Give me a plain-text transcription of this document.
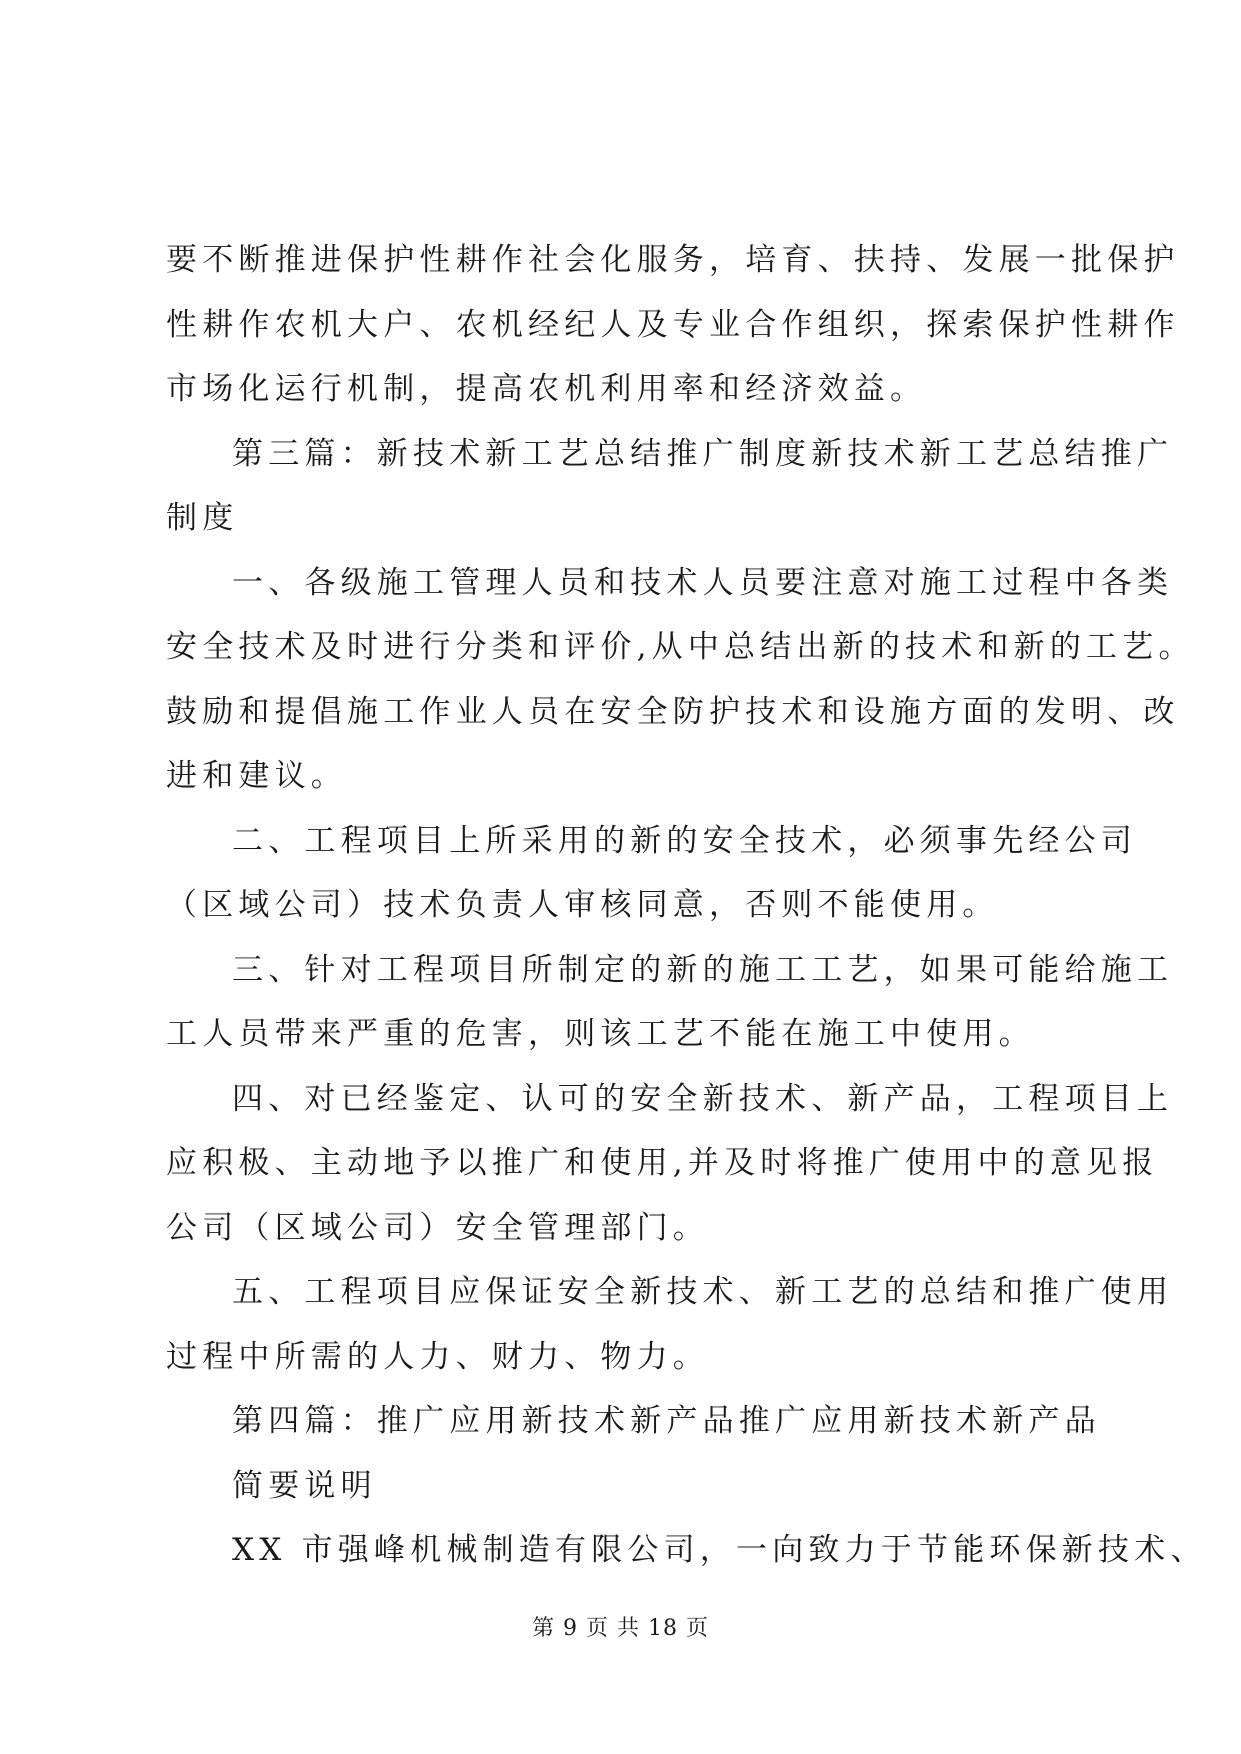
要不断推进保护性耕作社会化服务，培育、扶持、发展一批保护
性耕作农机大户、农机经纪人及专业合作组织，探索保护性耕作
市场化运行机制，提高农机利用率和经济效益。
第三篇：新技术新工艺总结推广制度新技术新工艺总结推广
制度
一、各级施工管理人员和技术人员要注意对施工过程中各类
安全技术及时进行分类和评价,从中总结出新的技术和新的工艺。
鼓励和提倡施工作业人员在安全防护技术和设施方面的发明、改
进和建议。
二、工程项目上所采用的新的安全技术，必须事先经公司
（区域公司）技术负责人审核同意，否则不能使用。
三、针对工程项目所制定的新的施工工艺，如果可能给施工
工人员带来严重的危害，则该工艺不能在施工中使用。
四、对已经鉴定、认可的安全新技术、新产品，工程项目上
应积极、主动地予以推广和使用,并及时将推广使用中的意见报
公司（区域公司）安全管理部门。
五、工程项目应保证安全新技术、新工艺的总结和推广使用
过程中所需的人力、财力、物力。
第四篇：推广应用新技术新产品推广应用新技术新产品
简要说明
XX 市强峰机械制造有限公司，一向致力于节能环保新技术、
第 9 页 共 18 页
